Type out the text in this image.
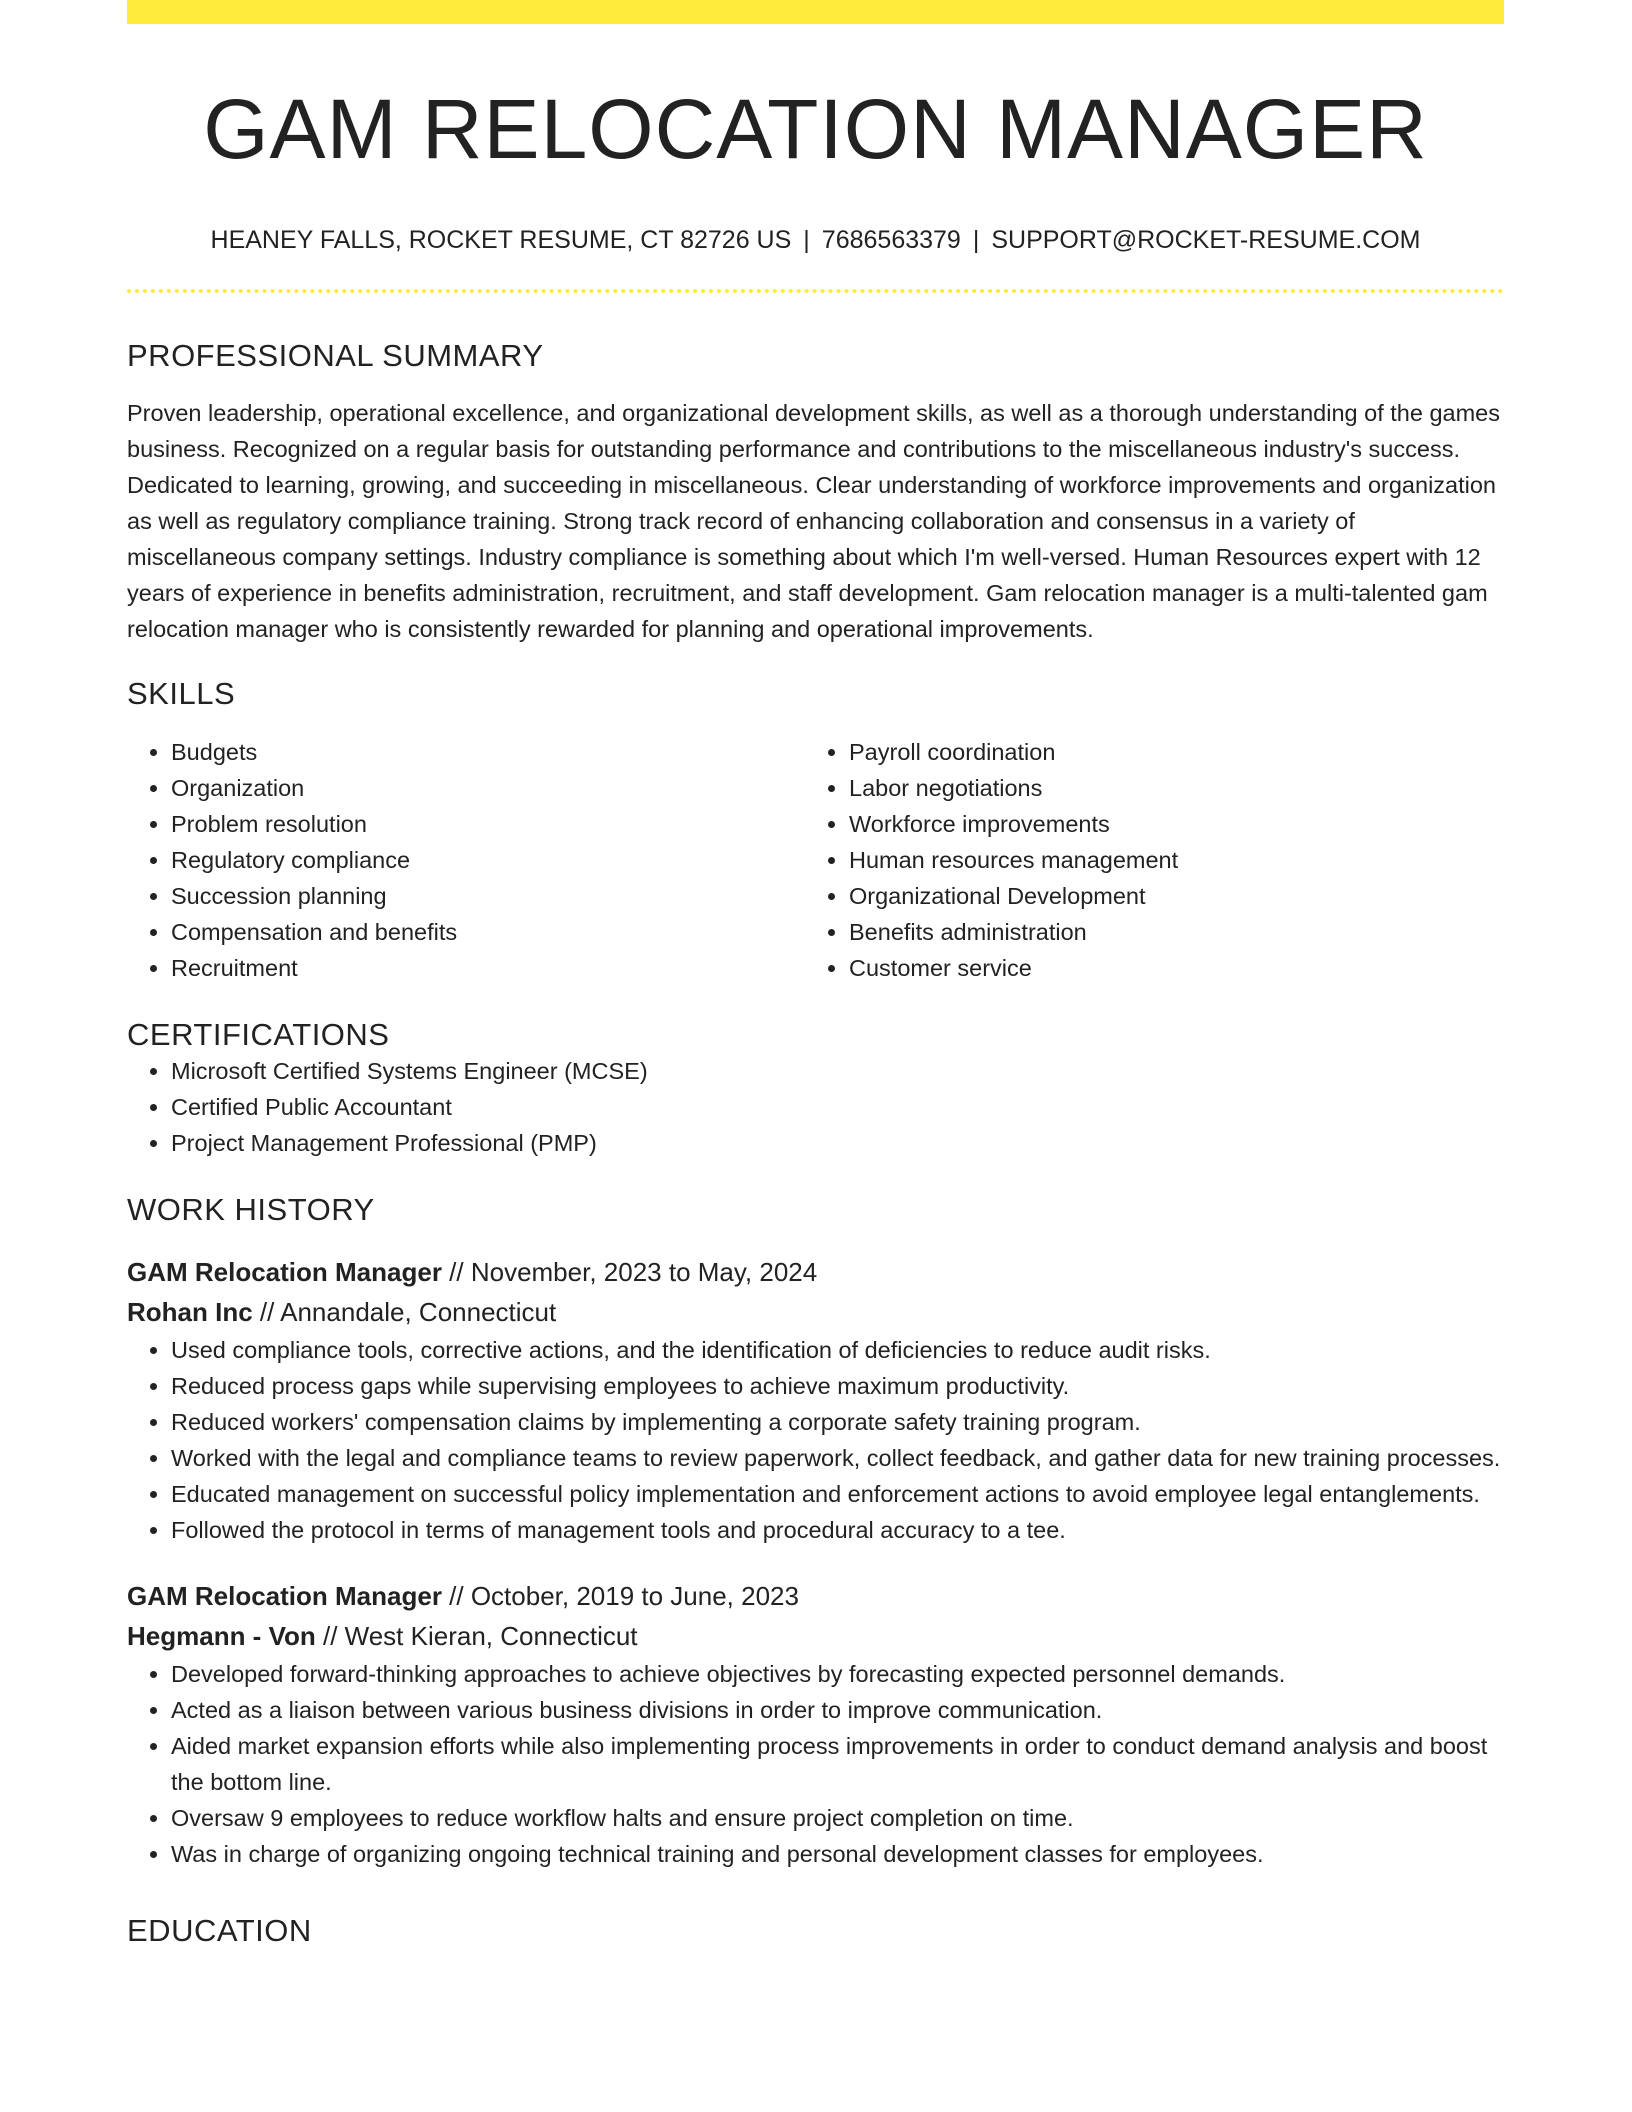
GAM RELOCATION MANAGER
HEANEY FALLS, ROCKET RESUME, CT 82726 US | 7686563379 | SUPPORT@ROCKET-RESUME.COM
PROFESSIONAL SUMMARY

Proven leadership, operational excellence, and organizational development skills, as well as a thorough understanding of the games business. Recognized on a regular basis for outstanding performance and contributions to the miscellaneous industry's success. Dedicated to learning, growing, and succeeding in miscellaneous. Clear understanding of workforce improvements and organization as well as regulatory compliance training. Strong track record of enhancing collaboration and consensus in a variety of miscellaneous company settings. Industry compliance is something about which I'm well-versed. Human Resources expert with 12 years of experience in benefits administration, recruitment, and staff development. Gam relocation manager is a multi-talented gam relocation manager who is consistently rewarded for planning and operational improvements.

SKILLS
• Budgets
• Organization
• Problem resolution
• Regulatory compliance
• Succession planning
• Compensation and benefits
• Recruitment
• Payroll coordination
• Labor negotiations
• Workforce improvements
• Human resources management
• Organizational Development
• Benefits administration
• Customer service
CERTIFICATIONS
• Microsoft Certified Systems Engineer (MCSE)
• Certified Public Accountant
• Project Management Professional (PMP)
WORK HISTORY
GAM Relocation Manager // November, 2023 to May, 2024
Rohan Inc // Annandale, Connecticut
• Used compliance tools, corrective actions, and the identification of deficiencies to reduce audit risks.
• Reduced process gaps while supervising employees to achieve maximum productivity.
• Reduced workers' compensation claims by implementing a corporate safety training program.
• Worked with the legal and compliance teams to review paperwork, collect feedback, and gather data for new training processes.
• Educated management on successful policy implementation and enforcement actions to avoid employee legal entanglements.
• Followed the protocol in terms of management tools and procedural accuracy to a tee.
GAM Relocation Manager // October, 2019 to June, 2023
Hegmann - Von // West Kieran, Connecticut
• Developed forward-thinking approaches to achieve objectives by forecasting expected personnel demands.
• Acted as a liaison between various business divisions in order to improve communication.
• Aided market expansion efforts while also implementing process improvements in order to conduct demand analysis and boost the bottom line.
• Oversaw 9 employees to reduce workflow halts and ensure project completion on time.
• Was in charge of organizing ongoing technical training and personal development classes for employees.
EDUCATION
